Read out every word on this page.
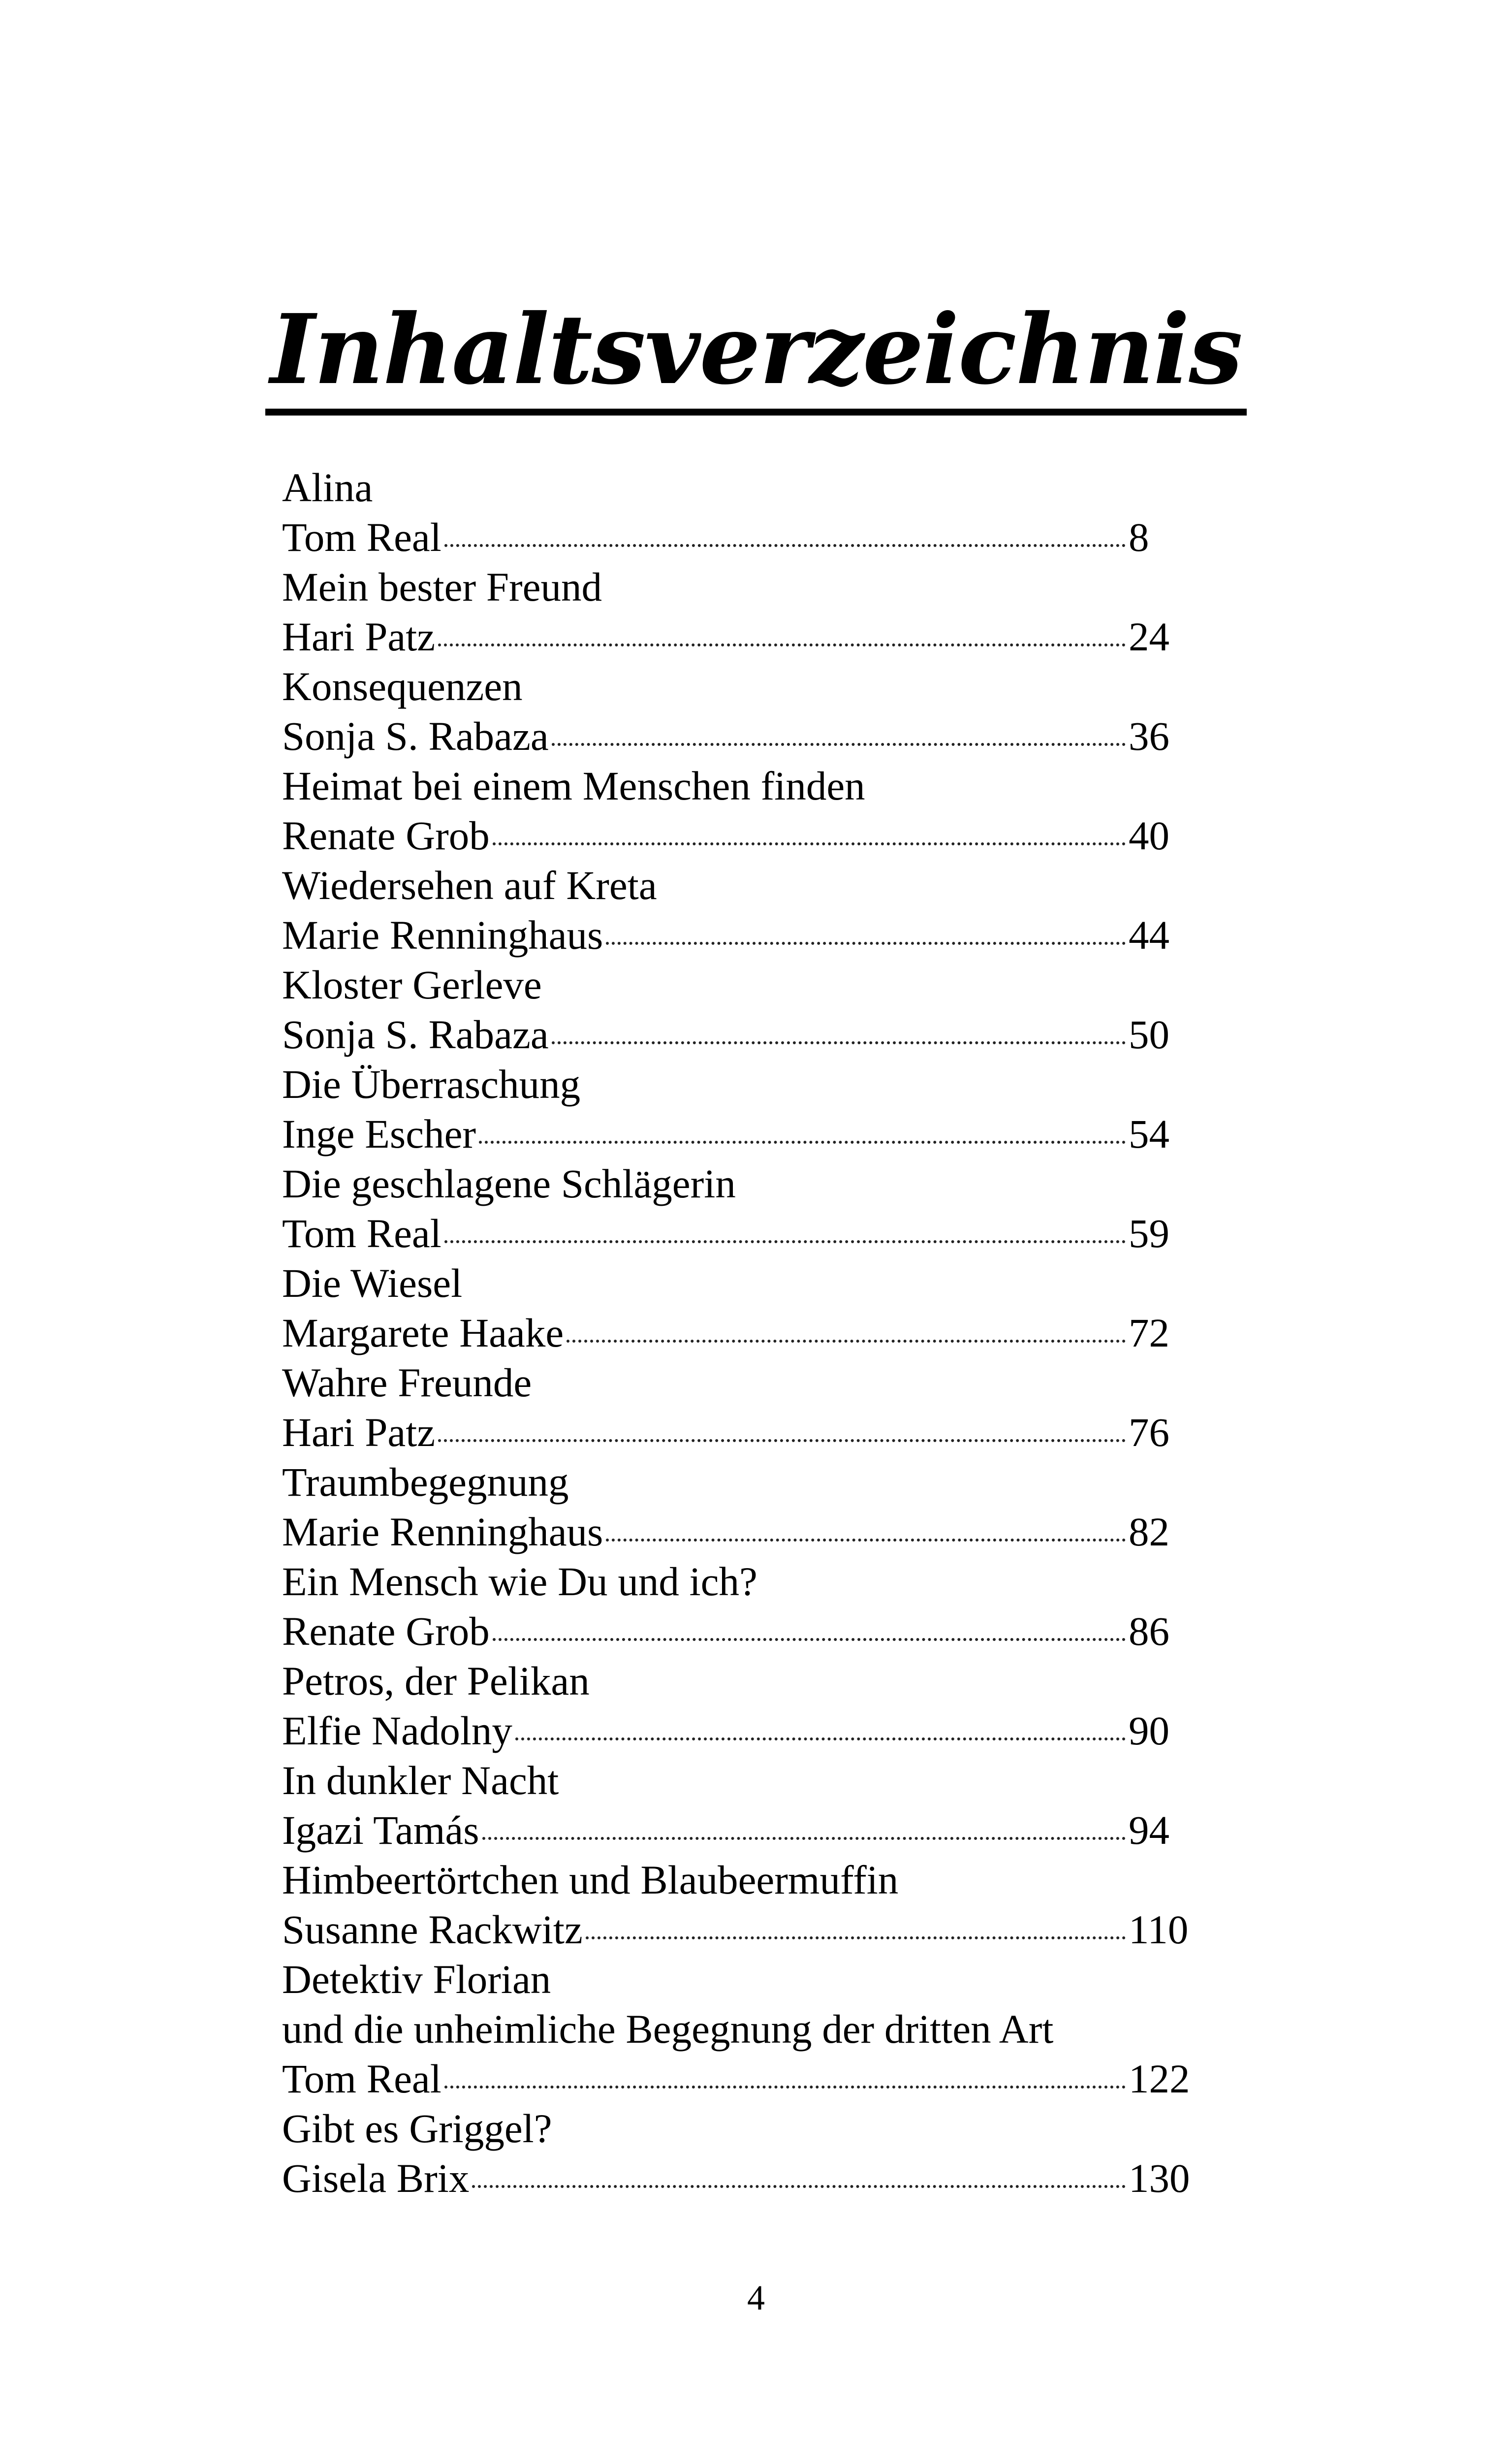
Inhaltsverzeichnis
Alina
Tom Real	8
Mein bester Freund
Hari Patz	24
Konsequenzen
Sonja S. Rabaza	36
Heimat bei einem Menschen finden
Renate Grob	40
Wiedersehen auf Kreta
Marie Renninghaus	44
Kloster Gerleve
Sonja S. Rabaza	50
Die Überraschung
Inge Escher	54
Die geschlagene Schlägerin
Tom Real	59
Die Wiesel
Margarete Haake	72
Wahre Freunde
Hari Patz	76
Traumbegegnung
Marie Renninghaus	82
Ein Mensch wie Du und ich?
Renate Grob	86
Petros, der Pelikan
Elfie Nadolny	90
In dunkler Nacht
Igazi Tamás	94
Himbeertörtchen und Blaubeermuffin
Susanne Rackwitz	110
Detektiv Florian
und die unheimliche Begegnung der dritten Art
Tom Real	122
Gibt es Griggel?
Gisela Brix	130
4
